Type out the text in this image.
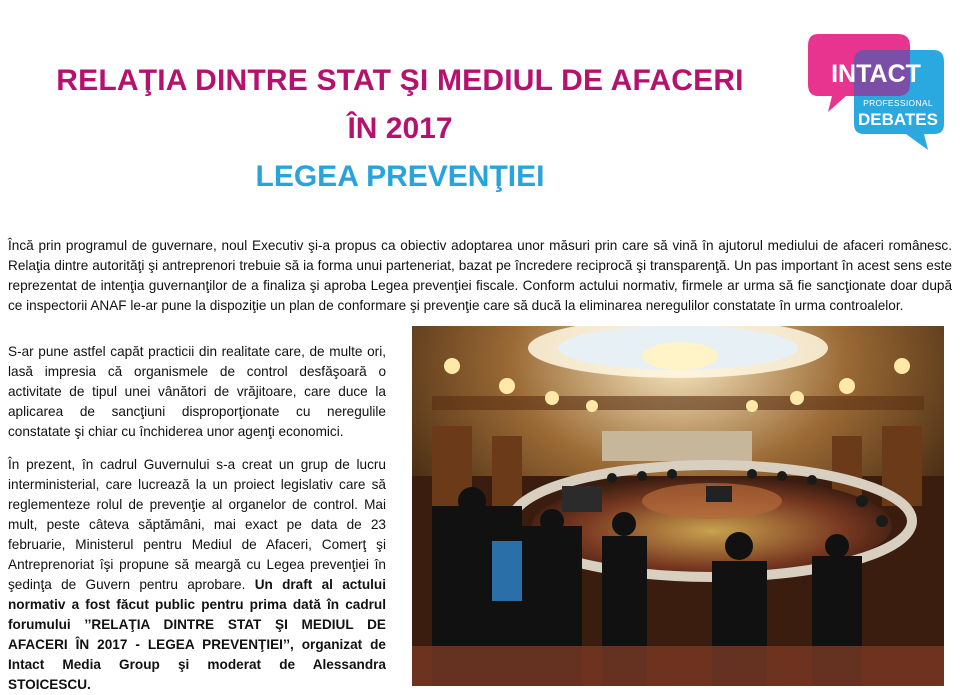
RELAŢIA DINTRE STAT ŞI MEDIUL DE AFACERI
ÎN 2017
LEGEA PREVENŢIEI
INTACT
PROFESSIONAL
DEBATES

Încă prin programul de guvernare, noul Executiv şi-a propus ca obiectiv adoptarea unor măsuri prin care să vină în ajutorul mediului de afaceri românesc. Relaţia dintre autorităţi şi antreprenori trebuie să ia forma unui parteneriat, bazat pe încredere reciprocă şi transparenţă. Un pas important în acest sens este reprezentat de intenţia guvernanţilor de a finaliza şi aproba Legea prevenţiei fiscale. Conform actului normativ, firmele ar urma să fie sancţionate doar după ce inspectorii ANAF le-ar pune la dispoziţie un plan de conformare şi prevenţie care să ducă la eliminarea neregulilor constatate în urma controalelor.

S-ar pune astfel capăt practicii din realitate care, de multe ori, lasă impresia că organismele de control desfăşoară o activitate de tipul unei vânători de vrăjitoare, care duce la aplicarea de sancţiuni disproporţionate cu neregulile constatate şi chiar cu închiderea unor agenţi economici.

În prezent, în cadrul Guvernului s-a creat un grup de lucru interministerial, care lucrează la un proiect legislativ care să reglementeze rolul de prevenţie al organelor de control. Mai mult, peste câteva săptămâni, mai exact pe data de 23 februarie, Ministerul pentru Mediul de Afaceri, Comerţ şi Antreprenoriat îşi propune să meargă cu Legea prevenţiei în şedinţa de Guvern pentru aprobare. Un draft al actului normativ a fost făcut public pentru prima dată în cadrul forumului ’’RELAŢIA DINTRE STAT ŞI MEDIUL DE AFACERI ÎN 2017 - LEGEA PREVENŢIEI’’, organizat de Intact Media Group şi moderat de Alessandra STOICESCU.
